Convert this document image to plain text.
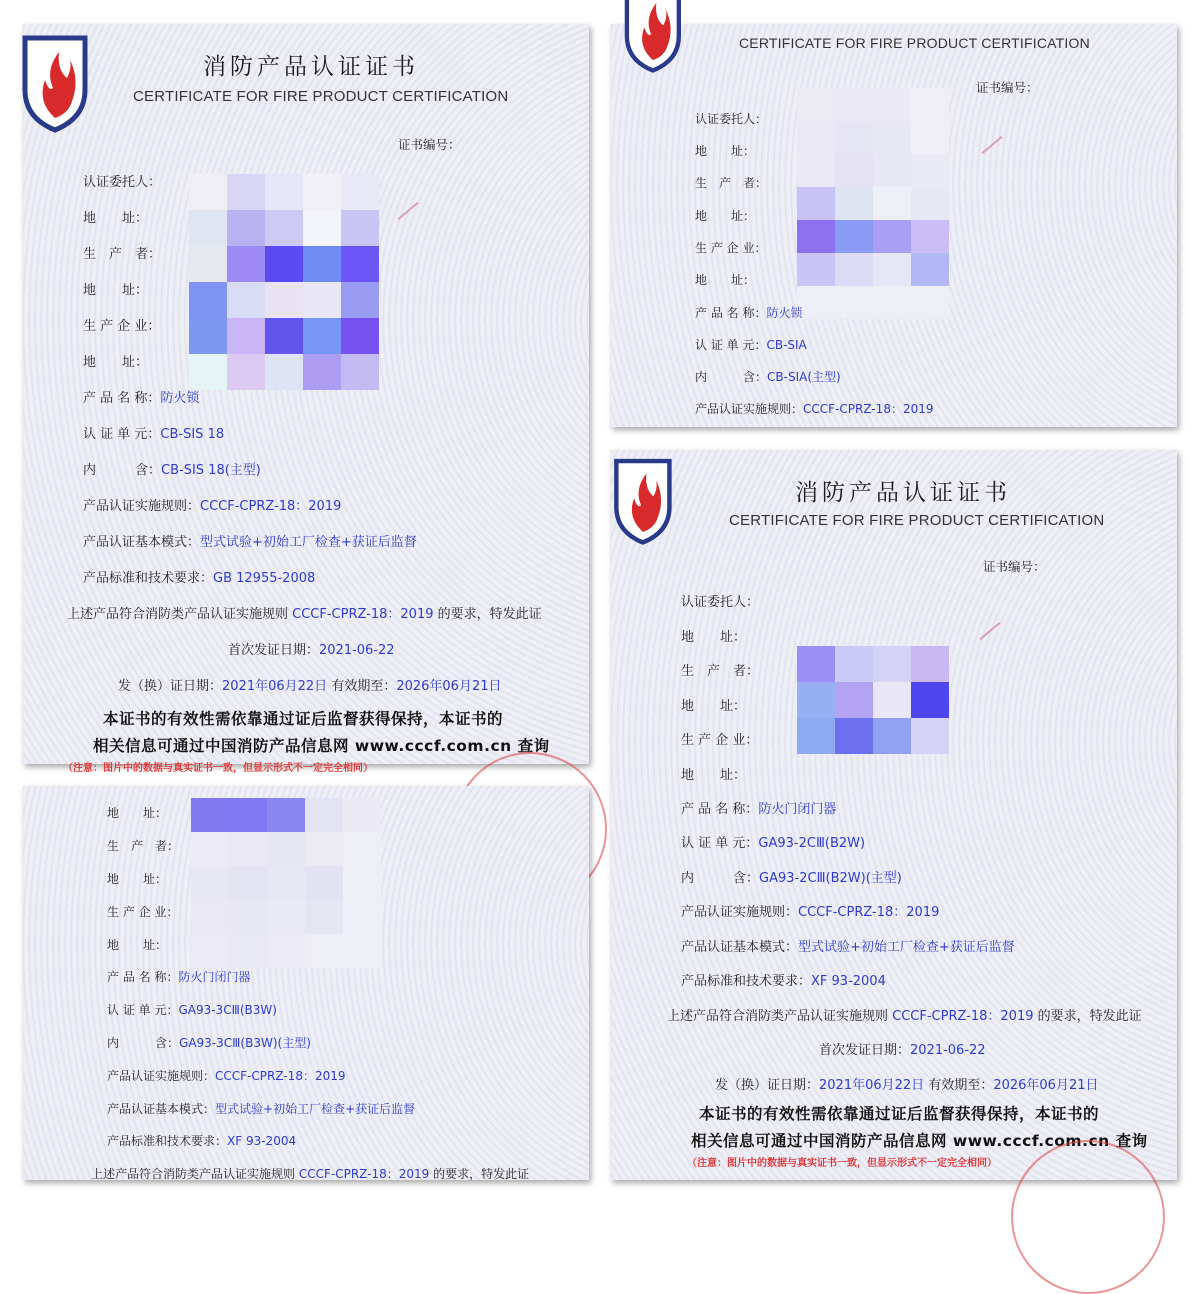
消防产品认证证书
CERTIFICATE FOR FIRE PRODUCT CERTIFICATION
证书编号：
认证委托人：
地　　址：
生　产　者：
地　　址：
生 产 企 业：
地　　址：
产 品 名 称：防火锁
认 证 单 元：CB-SIS 18
内　　　含：CB-SIS 18(主型)
产品认证实施规则：CCCF-CPRZ-18：2019
产品认证基本模式：型式试验+初始工厂检查+获证后监督
产品标准和技术要求：GB 12955-2008
上述产品符合消防类产品认证实施规则 CCCF-CPRZ-18：2019 的要求，特发此证
首次发证日期：2021-06-22
发（换）证日期：2021年06月22日 有效期至：2026年06月21日
本证书的有效性需依靠通过证后监督获得保持，本证书的
相关信息可通过中国消防产品信息网 www.cccf.com.cn 查询
（注意：图片中的数据与真实证书一致，但显示形式不一定完全相同）
CERTIFICATE FOR FIRE PRODUCT CERTIFICATION
证书编号：
认证委托人：
地　　址：
生　产　者：
地　　址：
生 产 企 业：
地　　址：
产 品 名 称：防火锁
认 证 单 元：CB-SIA
内　　　含：CB-SIA(主型)
产品认证实施规则：CCCF-CPRZ-18：2019
地　　址：
生　产　者：
地　　址：
生 产 企 业：
地　　址：
产 品 名 称：防火门闭门器
认 证 单 元：GA93-3CⅢ(B3W)
内　　　含：GA93-3CⅢ(B3W)(主型)
产品认证实施规则：CCCF-CPRZ-18：2019
产品认证基本模式：型式试验+初始工厂检查+获证后监督
产品标准和技术要求：XF 93-2004
上述产品符合消防类产品认证实施规则 CCCF-CPRZ-18：2019 的要求，特发此证
消防产品认证证书
CERTIFICATE FOR FIRE PRODUCT CERTIFICATION
证书编号：
认证委托人：
地　　址：
生　产　者：
地　　址：
生 产 企 业：
地　　址：
产 品 名 称：防火门闭门器
认 证 单 元：GA93-2CⅢ(B2W)
内　　　含：GA93-2CⅢ(B2W)(主型)
产品认证实施规则：CCCF-CPRZ-18：2019
产品认证基本模式：型式试验+初始工厂检查+获证后监督
产品标准和技术要求：XF 93-2004
上述产品符合消防类产品认证实施规则 CCCF-CPRZ-18：2019 的要求，特发此证
首次发证日期：2021-06-22
发（换）证日期：2021年06月22日 有效期至：2026年06月21日
本证书的有效性需依靠通过证后监督获得保持，本证书的
相关信息可通过中国消防产品信息网 www.cccf.com.cn 查询
（注意：图片中的数据与真实证书一致，但显示形式不一定完全相同）
